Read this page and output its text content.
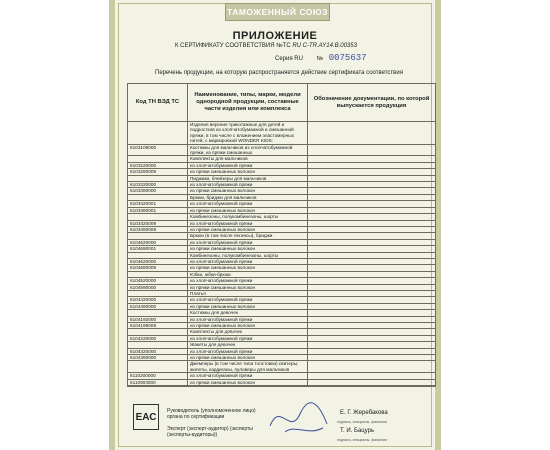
ТАМОЖЕННЫЙ СОЮЗ
ПРИЛОЖЕНИЕ
К СЕРТИФИКАТУ СООТВЕТСТВИЯ №ТС RU C-TR.AY14.B.00353
Серия RU № 0075637
Перечень продукции, на которую распространяется действие сертификата соответствия
Код ТН ВЭД ТС	Наименование, типы, марки, модели однородной продукции, составные части изделия или комплекса	Обозначение документации, по которой выпускается продукция
	Изделия верхние трикотажные для детей и подростков из хлопчатобумажной и смешанной пряжи, в том числе с вложением эластомерных нитей, с маркировкой WONDER KIDS:	
6103109000	Костюмы для мальчиков из хлопчатобумажной пряжи, из пряжи смешанных	
	Комплекты для мальчиков	
6103220000	из хлопчатобумажной пряжи	
6103290009	из пряжи смешанных волокон	
	Пиджаки, блейзеры для мальчиков	
6103320000	из хлопчатобумажной пряжи	
6103390000	из пряжи смешанных волокон	
	Брюки, бриджи для мальчиков	
6103420001	из хлопчатобумажной пряжи	
6103490001	из пряжи смешанных волокон	
	Комбинезоны, полукомбинезоны, шорты	
6103420009	из хлопчатобумажной пряжи	
6103490009	из пряжи смешанных волокон	
	Брюки (в том числе легинсы), бриджи	
6104620000	из хлопчатобумажной пряжи	
6104690001	из пряжи смешанных волокон	
	Комбинезоны, полукомбинезоны, шорты	
6104620000	из хлопчатобумажной пряжи	
6104690009	из пряжи смешанных волокон	
	Юбки, юбки-брюки	
6104520000	из хлопчатобумажной пряжи	
6104590000	из пряжи смешанных волокон	
	Платья	
6104420000	из хлопчатобумажной пряжи	
6104490000	из пряжи смешанных волокон	
	Костюмы для девочек	
6104192000	из хлопчатобумажной пряжи	
6104199009	из пряжи смешанных волокон	
	Комплекты для девочек	
6104220000	из хлопчатобумажной пряжи	
	Жакеты для девочек	
6104320000	из хлопчатобумажной пряжи	
6104390000	из пряжи смешанных волокон	
	Джемперы (в том числе типа толстовки) свитеры, жилеты, кардиганы, пуловеры для мальчиков	
6110200000	из хлопчатобумажной пряжи	
6110903000	из пряжи смешанных волокон	

ЕАС
Руководитель (уполномоченное лицо) органа по сертификации
Эксперт (эксперт-аудитор) (эксперты (эксперты-аудиторы))
Е. Г. Жеребакова
подпись, инициалы, фамилия
Т. И. Бацурь
подпись, инициалы, фамилия
